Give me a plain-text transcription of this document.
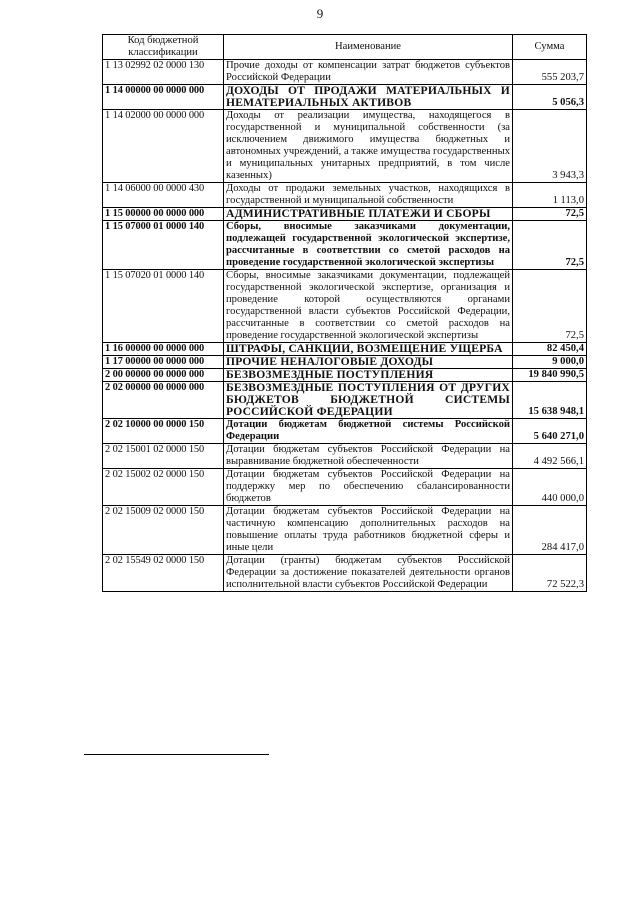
9
Код бюджетной классификации	Наименование	Сумма
1 13 02992 02 0000 130	Прочие доходы от компенсации затрат бюджетов субъектов Российской Федерации	555 203,7
1 14 00000 00 0000 000	ДОХОДЫ ОТ ПРОДАЖИ МАТЕРИАЛЬНЫХ И НЕМАТЕРИАЛЬНЫХ АКТИВОВ	5 056,3
1 14 02000 00 0000 000	Доходы от реализации имущества, находящегося в государственной и муниципальной собственности (за исключением движимого имущества бюджетных и автономных учреждений, а также имущества государственных и муниципальных унитарных предприятий, в том числе казенных)	3 943,3
1 14 06000 00 0000 430	Доходы от продажи земельных участков, находящихся в государственной и муниципальной собственности	1 113,0
1 15 00000 00 0000 000	АДМИНИСТРАТИВНЫЕ ПЛАТЕЖИ И СБОРЫ	72,5
1 15 07000 01 0000 140	Сборы, вносимые заказчиками документации, подлежащей государственной экологической экспертизе, рассчитанные в соответствии со сметой расходов на проведение государственной экологической экспертизы	72,5
1 15 07020 01 0000 140	Сборы, вносимые заказчиками документации, подлежащей государственной экологической экспертизе, организация и проведение которой осуществляются органами государственной власти субъектов Российской Федерации, рассчитанные в соответствии со сметой расходов на проведение государственной экологической экспертизы	72,5
1 16 00000 00 0000 000	ШТРАФЫ, САНКЦИИ, ВОЗМЕЩЕНИЕ УЩЕРБА	82 450,4
1 17 00000 00 0000 000	ПРОЧИЕ НЕНАЛОГОВЫЕ ДОХОДЫ	9 000,0
2 00 00000 00 0000 000	БЕЗВОЗМЕЗДНЫЕ ПОСТУПЛЕНИЯ	19 840 990,5
2 02 00000 00 0000 000	БЕЗВОЗМЕЗДНЫЕ ПОСТУПЛЕНИЯ ОТ ДРУГИХ БЮДЖЕТОВ БЮДЖЕТНОЙ СИСТЕМЫ РОССИЙСКОЙ ФЕДЕРАЦИИ	15 638 948,1
2 02 10000 00 0000 150	Дотации бюджетам бюджетной системы Российской Федерации	5 640 271,0
2 02 15001 02 0000 150	Дотации бюджетам субъектов Российской Федерации на выравнивание бюджетной обеспеченности	4 492 566,1
2 02 15002 02 0000 150	Дотации бюджетам субъектов Российской Федерации на поддержку мер по обеспечению сбалансированности бюджетов	440 000,0
2 02 15009 02 0000 150	Дотации бюджетам субъектов Российской Федерации на частичную компенсацию дополнительных расходов на повышение оплаты труда работников бюджетной сферы и иные цели	284 417,0
2 02 15549 02 0000 150	Дотации (гранты) бюджетам субъектов Российской Федерации за достижение показателей деятельности органов исполнительной власти субъектов Российской Федерации	72 522,3
